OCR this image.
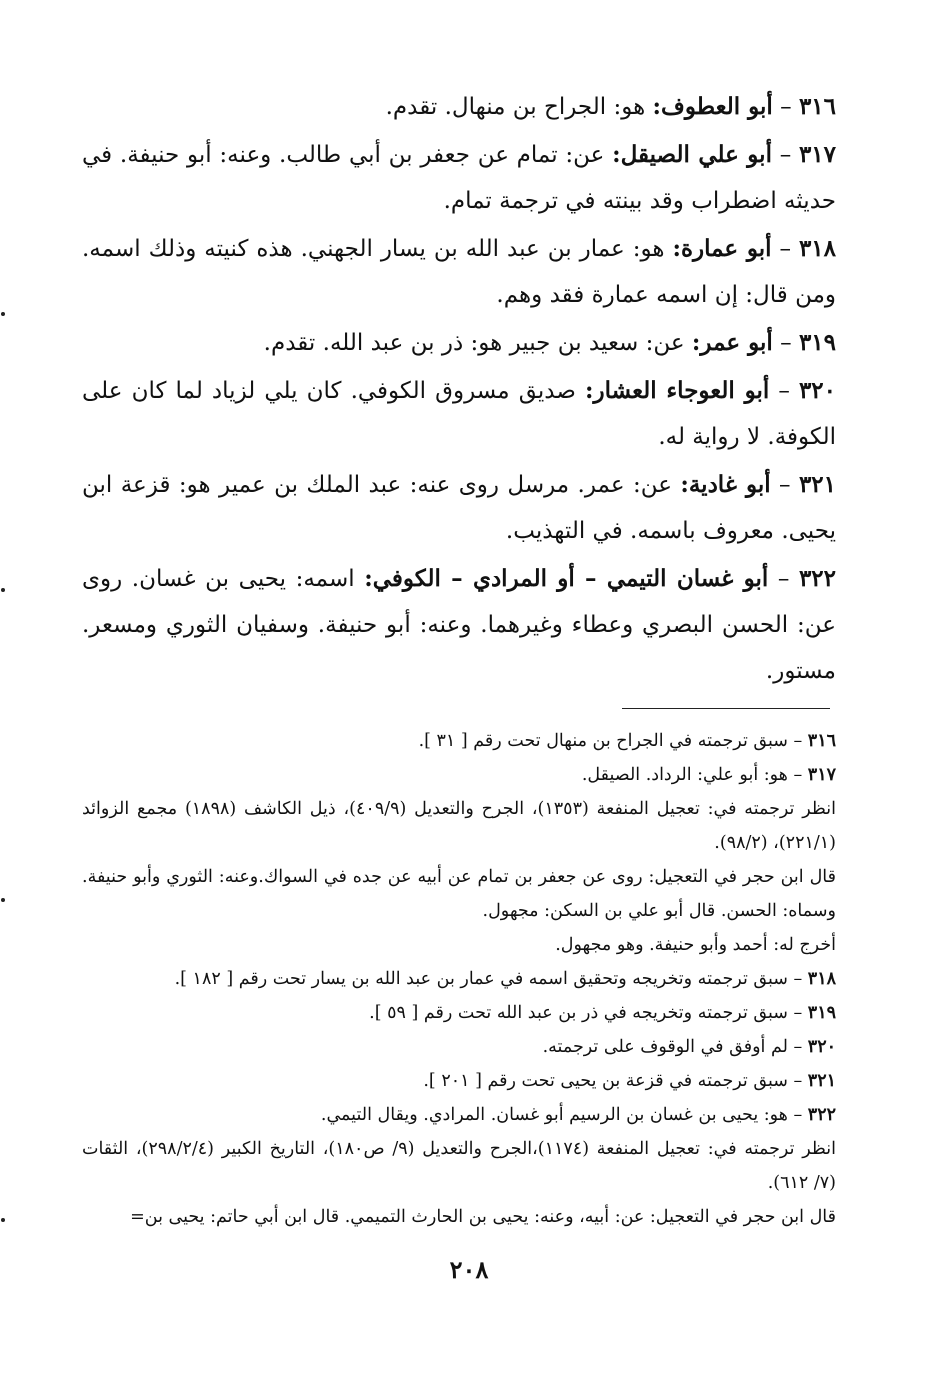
٣١٦ – أبو العطوف: هو: الجراح بن منهال. تقدم.

٣١٧ – أبو علي الصيقل: عن: تمام عن جعفر بن أبي طالب. وعنه: أبو حنيفة. في حديثه اضطراب وقد بينته في ترجمة تمام.

٣١٨ – أبو عمارة: هو: عمار بن عبد الله بن يسار الجهني. هذه كنيته وذلك اسمه. ومن قال: إن اسمه عمارة فقد وهم.

٣١٩ – أبو عمر: عن: سعيد بن جبير هو: ذر بن عبد الله. تقدم.

٣٢٠ – أبو العوجاء العشار: صديق مسروق الكوفي. كان يلي لزياد لما كان على الكوفة. لا رواية له.

٣٢١ – أبو غادية: عن: عمر. مرسل روى عنه: عبد الملك بن عمير هو: قزعة ابن يحيى. معروف باسمه. في التهذيب.

٣٢٢ – أبو غسان التيمي – أو المرادي – الكوفي: اسمه: يحيى بن غسان. روى عن: الحسن البصري وعطاء وغيرهما. وعنه: أبو حنيفة. وسفيان الثوري ومسعر. مستور.

٣١٦ – سبق ترجمته في الجراح بن منهال تحت رقم [ ٣١ ].

٣١٧ – هو: أبو علي: الرداد. الصيقل.

انظر ترجمته في: تعجيل المنفعة (١٣٥٣)، الجرح والتعديل (٤٠٩/٩)، ذيل الكاشف (١٨٩٨) مجمع الزوائد (٢٢١/١)، (٩٨/٢).

قال ابن حجر في التعجيل: روى عن جعفر بن تمام عن أبيه عن جده في السواك.وعنه: الثوري وأبو حنيفة. وسماه: الحسن. قال أبو علي بن السكن: مجهول.

أخرج له: أحمد وأبو حنيفة. وهو مجهول.

٣١٨ – سبق ترجمته وتخريجه وتحقيق اسمه في عمار بن عبد الله بن يسار تحت رقم [ ١٨٢ ].

٣١٩ – سبق ترجمته وتخريجه في ذر بن عبد الله تحت رقم [ ٥٩ ].

٣٢٠ – لم أوفق في الوقوف على ترجمته.

٣٢١ – سبق ترجمته في قزعة بن يحيى تحت رقم [ ٢٠١ ].

٣٢٢ – هو: يحيى بن غسان بن الرسيم أبو غسان. المرادي. ويقال التيمي.

انظر ترجمته في: تعجيل المنفعة (١١٧٤)،الجرح والتعديل (٩/ ص١٨٠)، التاريخ الكبير (٢٩٨/٢/٤)، الثقات (٧/ ٦١٢).

قال ابن حجر في التعجيل: عن: أبيه، وعنه: يحيى بن الحارث التميمي. قال ابن أبي حاتم: يحيى بن=

٢٠٨
